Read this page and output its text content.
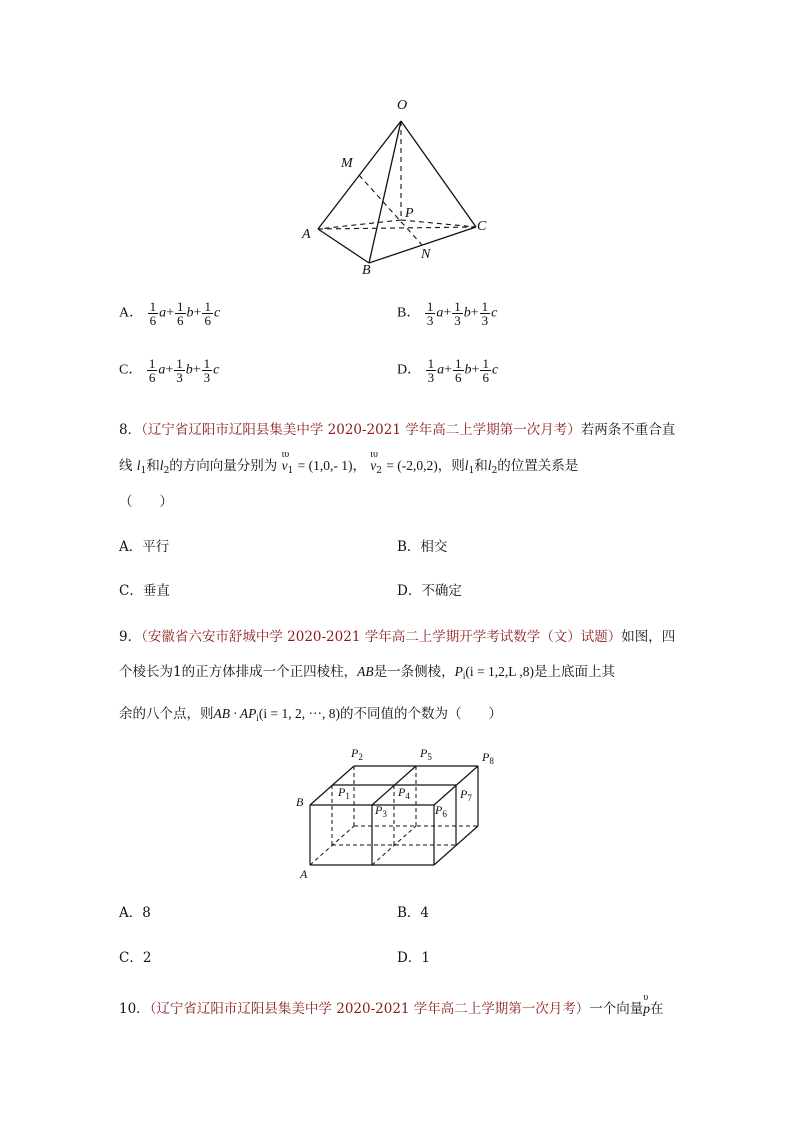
O
M
P
A
C
B
N
A． $\frac{1}{6} a+ \frac{1}{6} b+ \frac{1}{6}$ c	B． $\frac{1}{3} a+ \frac{1}{3} b+ \frac{1}{3}$ c
C． $\frac{1}{6} a+ \frac{1}{3} b+ \frac{1}{3}$ c	D． $\frac{1}{3} a+ \frac{1}{6} b+ \frac{1}{6}$ c
8．（辽宁省辽阳市辽阳县集美中学 2020-2021 学年高二上学期第一次月考）若两条不重合直
线 $l_1$和$l_2$的方向向量分别为
ιυ
$v_1 = (1,0,-$ 1)，
ιυ
$v_2 = (-2,0,2)$，则$l_1$和$l_2$的位置关系是
（　　）
A．平行	B．相交
C．垂直	D．不确定
9．（安徽省六安市舒城中学 2020-2021 学年高二上学期开学考试数学（文）试题）如图，四
个棱长为1的正方体排成一个正四棱柱，AB是一条侧棱，$P_i(i = 1,2,L$ ,8)是上底面上其
余的八个点，则AB · $AP_i(i = 1$, 2, ···, 8)的不同值的个数为（　　）
$P_2$	$P_5$	$P_8$
$P_1$	$P_4$	$P_7$
$P_3$	$P_6$
B
A
A．8	B．4
C．2	D．1
10．（辽宁省辽阳市辽阳县集美中学 2020-2021 学年高二上学期第一次月考）一个向量
υ
p在
